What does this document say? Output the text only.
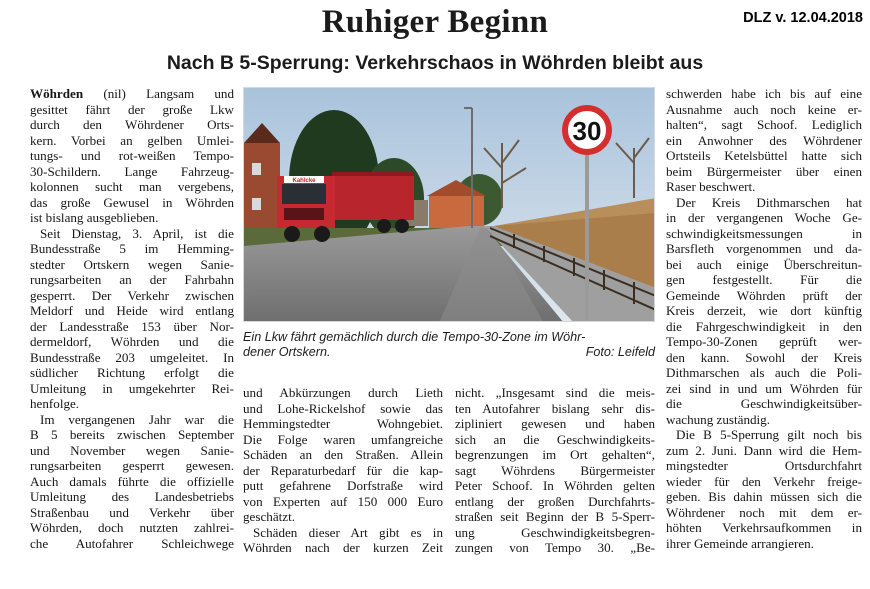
DLZ v. 12.04.2018
Ruhiger Beginn
Nach B 5-Sperrung: Verkehrschaos in Wöhrden bleibt aus
Wöhrden (nil) Langsam und
gesittet fährt der große Lkw
durch den Wöhrdener Orts-
kern. Vorbei an gelben Umlei-
tungs- und rot-weißen Tempo-
30-Schildern. Lange Fahrzeug-
kolonnen sucht man vergebens,
das große Gewusel in Wöhrden
ist bislang ausgeblieben.
Seit Dienstag, 3. April, ist die
Bundesstraße 5 im Hemming-
stedter Ortskern wegen Sanie-
rungsarbeiten an der Fahrbahn
gesperrt. Der Verkehr zwischen
Meldorf und Heide wird entlang
der Landesstraße 153 über Nor-
dermeldorf, Wöhrden und die
Bundesstraße 203 umgeleitet. In
südlicher Richtung erfolgt die
Umleitung in umgekehrter Rei-
henfolge.
Im vergangenen Jahr war die
B 5 bereits zwischen September
und November wegen Sanie-
rungsarbeiten gesperrt gewesen.
Auch damals führte die offizielle
Umleitung des Landesbetriebs
Straßenbau und Verkehr über
Wöhrden, doch nutzten zahlrei-
che Autofahrer Schleichwege
Kahlcke
30
Ein Lkw fährt gemächlich durch die Tempo-30-Zone im Wöhr-
dener Ortskern.	Foto: Leifeld
und Abkürzungen durch Lieth
und Lohe-Rickelshof sowie das
Hemmingstedter Wohngebiet.
Die Folge waren umfangreiche
Schäden an den Straßen. Allein
der Reparaturbedarf für die kap-
putt gefahrene Dorfstraße wird
von Experten auf 150 000 Euro
geschätzt.
Schäden dieser Art gibt es in
Wöhrden nach der kurzen Zeit
nicht. „Insgesamt sind die meis-
ten Autofahrer bislang sehr dis-
zipliniert gewesen und haben
sich an die Geschwindigkeits-
begrenzungen im Ort gehalten“,
sagt Wöhrdens Bürgermeister
Peter Schoof. In Wöhrden gelten
entlang der großen Durchfahrts-
straßen seit Beginn der B 5-Sperr-
ung Geschwindigkeitsbegren-
zungen von Tempo 30. „Be-
schwerden habe ich bis auf eine
Ausnahme auch noch keine er-
halten“, sagt Schoof. Lediglich
ein Anwohner des Wöhrdener
Ortsteils Ketelsbüttel hatte sich
beim Bürgermeister über einen
Raser beschwert.
Der Kreis Dithmarschen hat
in der vergangenen Woche Ge-
schwindigkeitsmessungen in
Barsfleth vorgenommen und da-
bei auch einige Überschreitun-
gen festgestellt. Für die
Gemeinde Wöhrden prüft der
Kreis derzeit, wie dort künftig
die Fahrgeschwindigkeit in den
Tempo-30-Zonen geprüft wer-
den kann. Sowohl der Kreis
Dithmarschen als auch die Poli-
zei sind in und um Wöhrden für
die Geschwindigkeitsüber-
wachung zuständig.
Die B 5-Sperrung gilt noch bis
zum 2. Juni. Dann wird die Hem-
mingstedter Ortsdurchfahrt
wieder für den Verkehr freige-
geben. Bis dahin müssen sich die
Wöhrdener noch mit dem er-
höhten Verkehrsaufkommen in
ihrer Gemeinde arrangieren.
